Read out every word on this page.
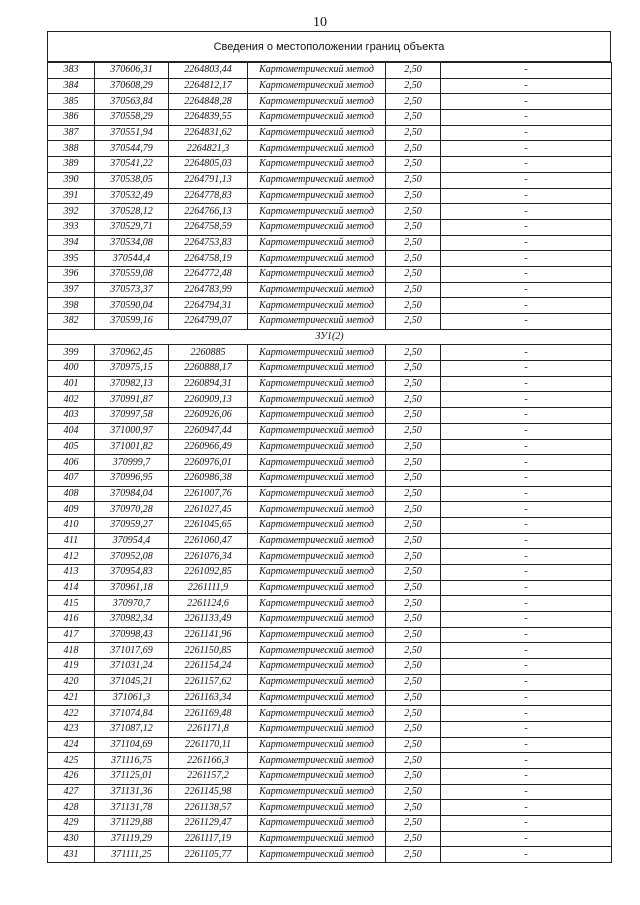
10
Сведения о местоположении границ объекта
383	370606,31	2264803,44	Картометрический метод	2,50	-
384	370608,29	2264812,17	Картометрический метод	2,50	-
385	370563,84	2264848,28	Картометрический метод	2,50	-
386	370558,29	2264839,55	Картометрический метод	2,50	-
387	370551,94	2264831,62	Картометрический метод	2,50	-
388	370544,79	2264821,3	Картометрический метод	2,50	-
389	370541,22	2264805,03	Картометрический метод	2,50	-
390	370538,05	2264791,13	Картометрический метод	2,50	-
391	370532,49	2264778,83	Картометрический метод	2,50	-
392	370528,12	2264766,13	Картометрический метод	2,50	-
393	370529,71	2264758,59	Картометрический метод	2,50	-
394	370534,08	2264753,83	Картометрический метод	2,50	-
395	370544,4	2264758,19	Картометрический метод	2,50	-
396	370559,08	2264772,48	Картометрический метод	2,50	-
397	370573,37	2264783,99	Картометрический метод	2,50	-
398	370590,04	2264794,31	Картометрический метод	2,50	-
382	370599,16	2264799,07	Картометрический метод	2,50	-
ЗУ1(2)					
399	370962,45	2260885	Картометрический метод	2,50	-
400	370975,15	2260888,17	Картометрический метод	2,50	-
401	370982,13	2260894,31	Картометрический метод	2,50	-
402	370991,87	2260909,13	Картометрический метод	2,50	-
403	370997,58	2260926,06	Картометрический метод	2,50	-
404	371000,97	2260947,44	Картометрический метод	2,50	-
405	371001,82	2260966,49	Картометрический метод	2,50	-
406	370999,7	2260976,01	Картометрический метод	2,50	-
407	370996,95	2260986,38	Картометрический метод	2,50	-
408	370984,04	2261007,76	Картометрический метод	2,50	-
409	370970,28	2261027,45	Картометрический метод	2,50	-
410	370959,27	2261045,65	Картометрический метод	2,50	-
411	370954,4	2261060,47	Картометрический метод	2,50	-
412	370952,08	2261076,34	Картометрический метод	2,50	-
413	370954,83	2261092,85	Картометрический метод	2,50	-
414	370961,18	2261111,9	Картометрический метод	2,50	-
415	370970,7	2261124,6	Картометрический метод	2,50	-
416	370982,34	2261133,49	Картометрический метод	2,50	-
417	370998,43	2261141,96	Картометрический метод	2,50	-
418	371017,69	2261150,85	Картометрический метод	2,50	-
419	371031,24	2261154,24	Картометрический метод	2,50	-
420	371045,21	2261157,62	Картометрический метод	2,50	-
421	371061,3	2261163,34	Картометрический метод	2,50	-
422	371074,84	2261169,48	Картометрический метод	2,50	-
423	371087,12	2261171,8	Картометрический метод	2,50	-
424	371104,69	2261170,11	Картометрический метод	2,50	-
425	371116,75	2261166,3	Картометрический метод	2,50	-
426	371125,01	2261157,2	Картометрический метод	2,50	-
427	371131,36	2261145,98	Картометрический метод	2,50	-
428	371131,78	2261138,57	Картометрический метод	2,50	-
429	371129,88	2261129,47	Картометрический метод	2,50	-
430	371119,29	2261117,19	Картометрический метод	2,50	-
431	371111,25	2261105,77	Картометрический метод	2,50	-
